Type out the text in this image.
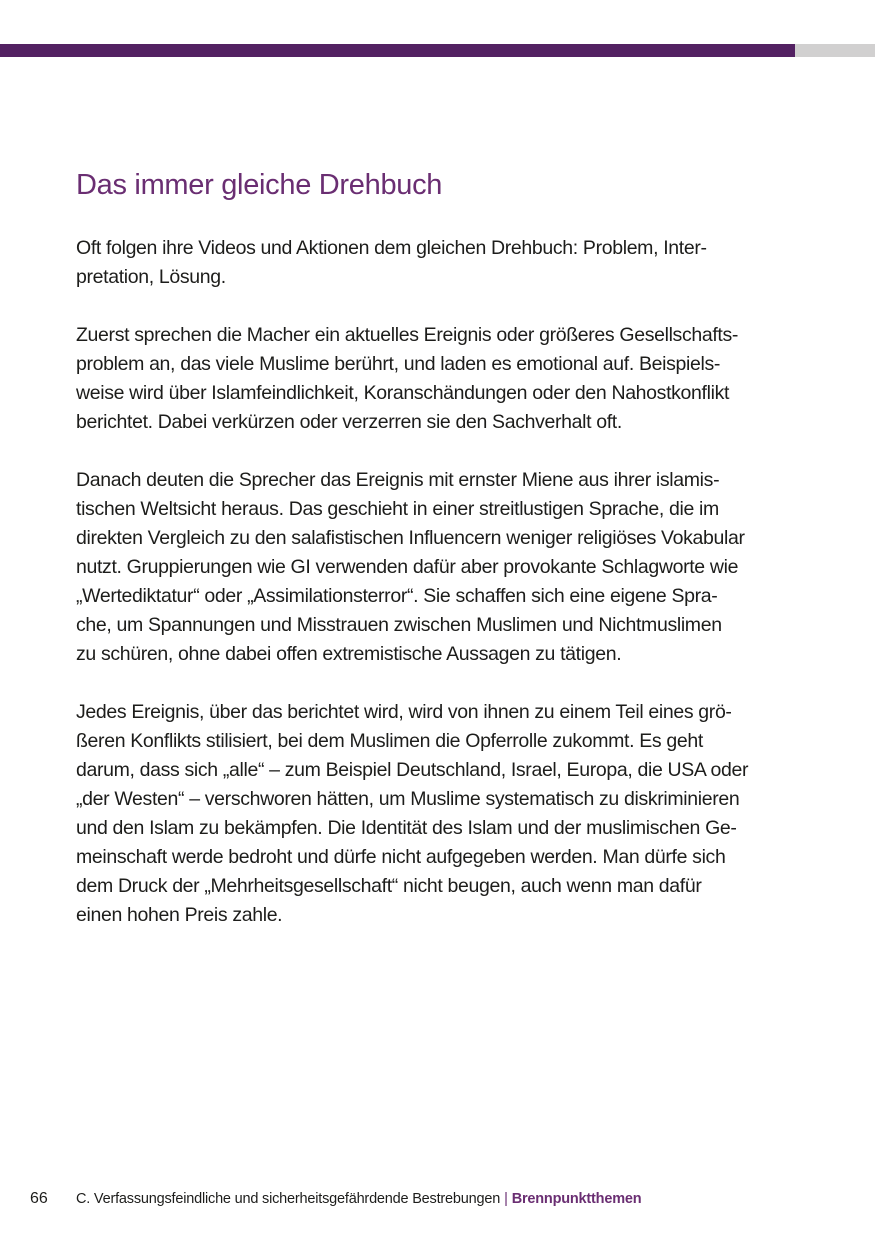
Das immer gleiche Drehbuch
Oft folgen ihre Videos und Aktionen dem gleichen Drehbuch: Problem, Inter-
pretation, Lösung.
Zuerst sprechen die Macher ein aktuelles Ereignis oder größeres Gesellschafts-
problem an, das viele Muslime berührt, und laden es emotional auf. Beispiels-
weise wird über Islamfeindlichkeit, Koranschändungen oder den Nahostkonflikt
berichtet. Dabei verkürzen oder verzerren sie den Sachverhalt oft.
Danach deuten die Sprecher das Ereignis mit ernster Miene aus ihrer islamis-
tischen Weltsicht heraus. Das geschieht in einer streitlustigen Sprache, die im
direkten Vergleich zu den salafistischen Influencern weniger religiöses Vokabular
nutzt. Gruppierungen wie GI verwenden dafür aber provokante Schlagworte wie
„Wertediktatur“ oder „Assimilationsterror“. Sie schaffen sich eine eigene Spra-
che, um Spannungen und Misstrauen zwischen Muslimen und Nichtmuslimen
zu schüren, ohne dabei offen extremistische Aussagen zu tätigen.
Jedes Ereignis, über das berichtet wird, wird von ihnen zu einem Teil eines grö-
ßeren Konflikts stilisiert, bei dem Muslimen die Opferrolle zukommt. Es geht
darum, dass sich „alle“ – zum Beispiel Deutschland, Israel, Europa, die USA oder
„der Westen“ – verschworen hätten, um Muslime systematisch zu diskriminieren
und den Islam zu bekämpfen. Die Identität des Islam und der muslimischen Ge-
meinschaft werde bedroht und dürfe nicht aufgegeben werden. Man dürfe sich
dem Druck der „Mehrheitsgesellschaft“ nicht beugen, auch wenn man dafür
einen hohen Preis zahle.
66 C. Verfassungsfeindliche und sicherheitsgefährdende Bestrebungen | Brennpunktthemen
